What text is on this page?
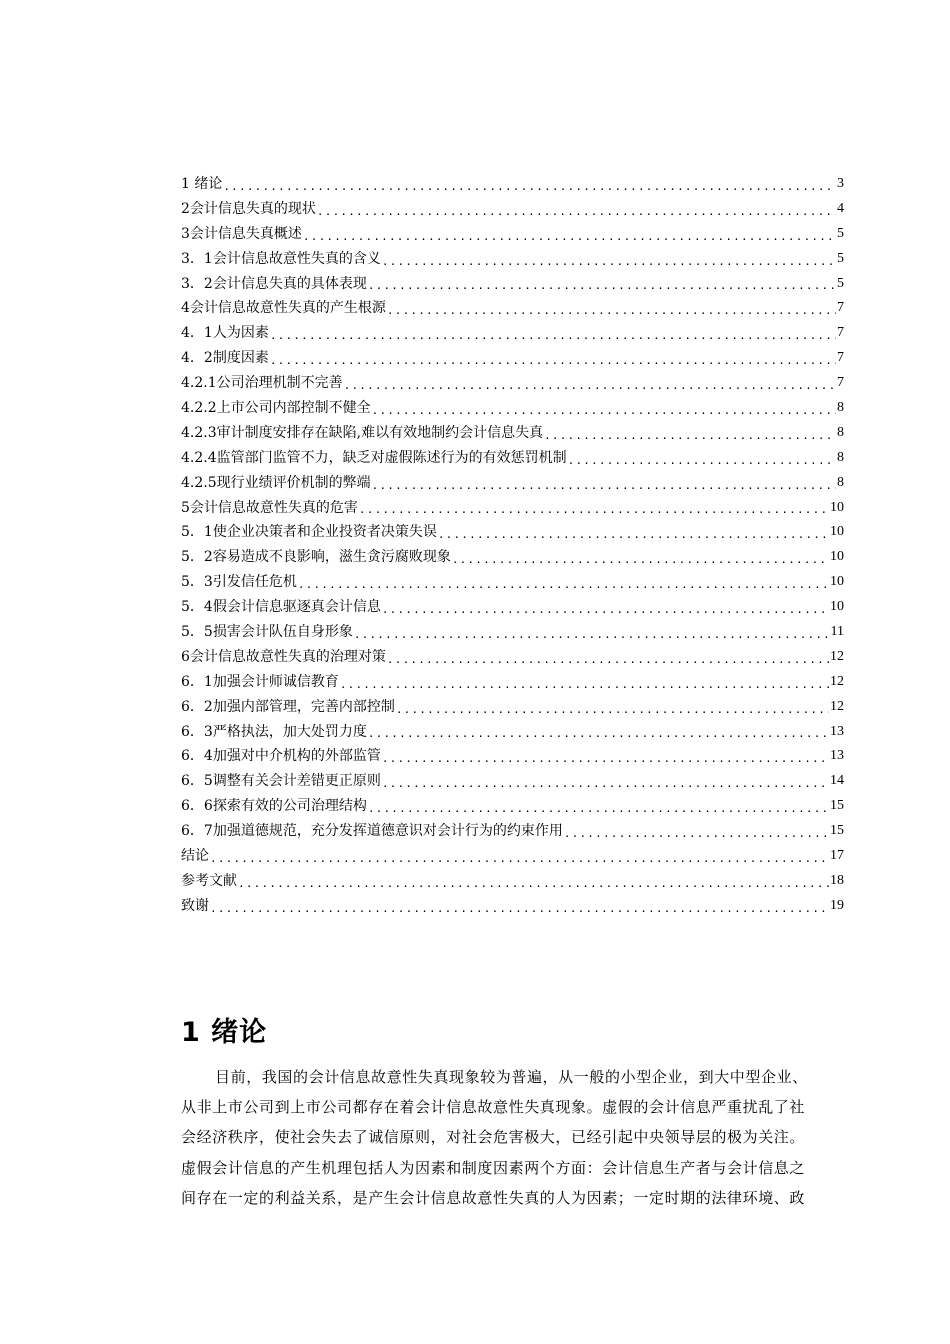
1 绪论 .....	3
2会计信息失真的现状 .....	4
3会计信息失真概述 .....	5
3．1会计信息故意性失真的含义 .....	5
3．2会计信息失真的具体表现 .....	5
4会计信息故意性失真的产生根源 .....	7
4．1人为因素 .....	7
4．2制度因素 .....	7
4.2.1公司治理机制不完善 .....	7
4.2.2上市公司内部控制不健全 .....	8
4.2.3审计制度安排存在缺陷,难以有效地制约会计信息失真 .....	8
4.2.4监管部门监管不力，缺乏对虚假陈述行为的有效惩罚机制 .....	8
4.2.5现行业绩评价机制的弊端 .....	8
5会计信息故意性失真的危害 .....	10
5．1使企业决策者和企业投资者决策失误 .....	10
5．2容易造成不良影响，滋生贪污腐败现象 .....	10
5．3引发信任危机 .....	10
5．4假会计信息驱逐真会计信息 .....	10
5．5损害会计队伍自身形象 .....	11
6会计信息故意性失真的治理对策 .....	12
6．1加强会计师诚信教育 .....	12
6．2加强内部管理，完善内部控制 .....	12
6．3严格执法，加大处罚力度 .....	13
6．4加强对中介机构的外部监管 .....	13
6．5调整有关会计差错更正原则 .....	14
6．6探索有效的公司治理结构 .....	15
6．7加强道德规范，充分发挥道德意识对会计行为的约束作用 .....	15
结论 .....	17
参考文献 .....	18
致谢 .....	19
1 绪论
目前，我国的会计信息故意性失真现象较为普遍，从一般的小型企业，到大中型企业、
从非上市公司到上市公司都存在着会计信息故意性失真现象。虚假的会计信息严重扰乱了社
会经济秩序，使社会失去了诚信原则，对社会危害极大，已经引起中央领导层的极为关注。
虚假会计信息的产生机理包括人为因素和制度因素两个方面：会计信息生产者与会计信息之
间存在一定的利益关系，是产生会计信息故意性失真的人为因素；一定时期的法律环境、政
